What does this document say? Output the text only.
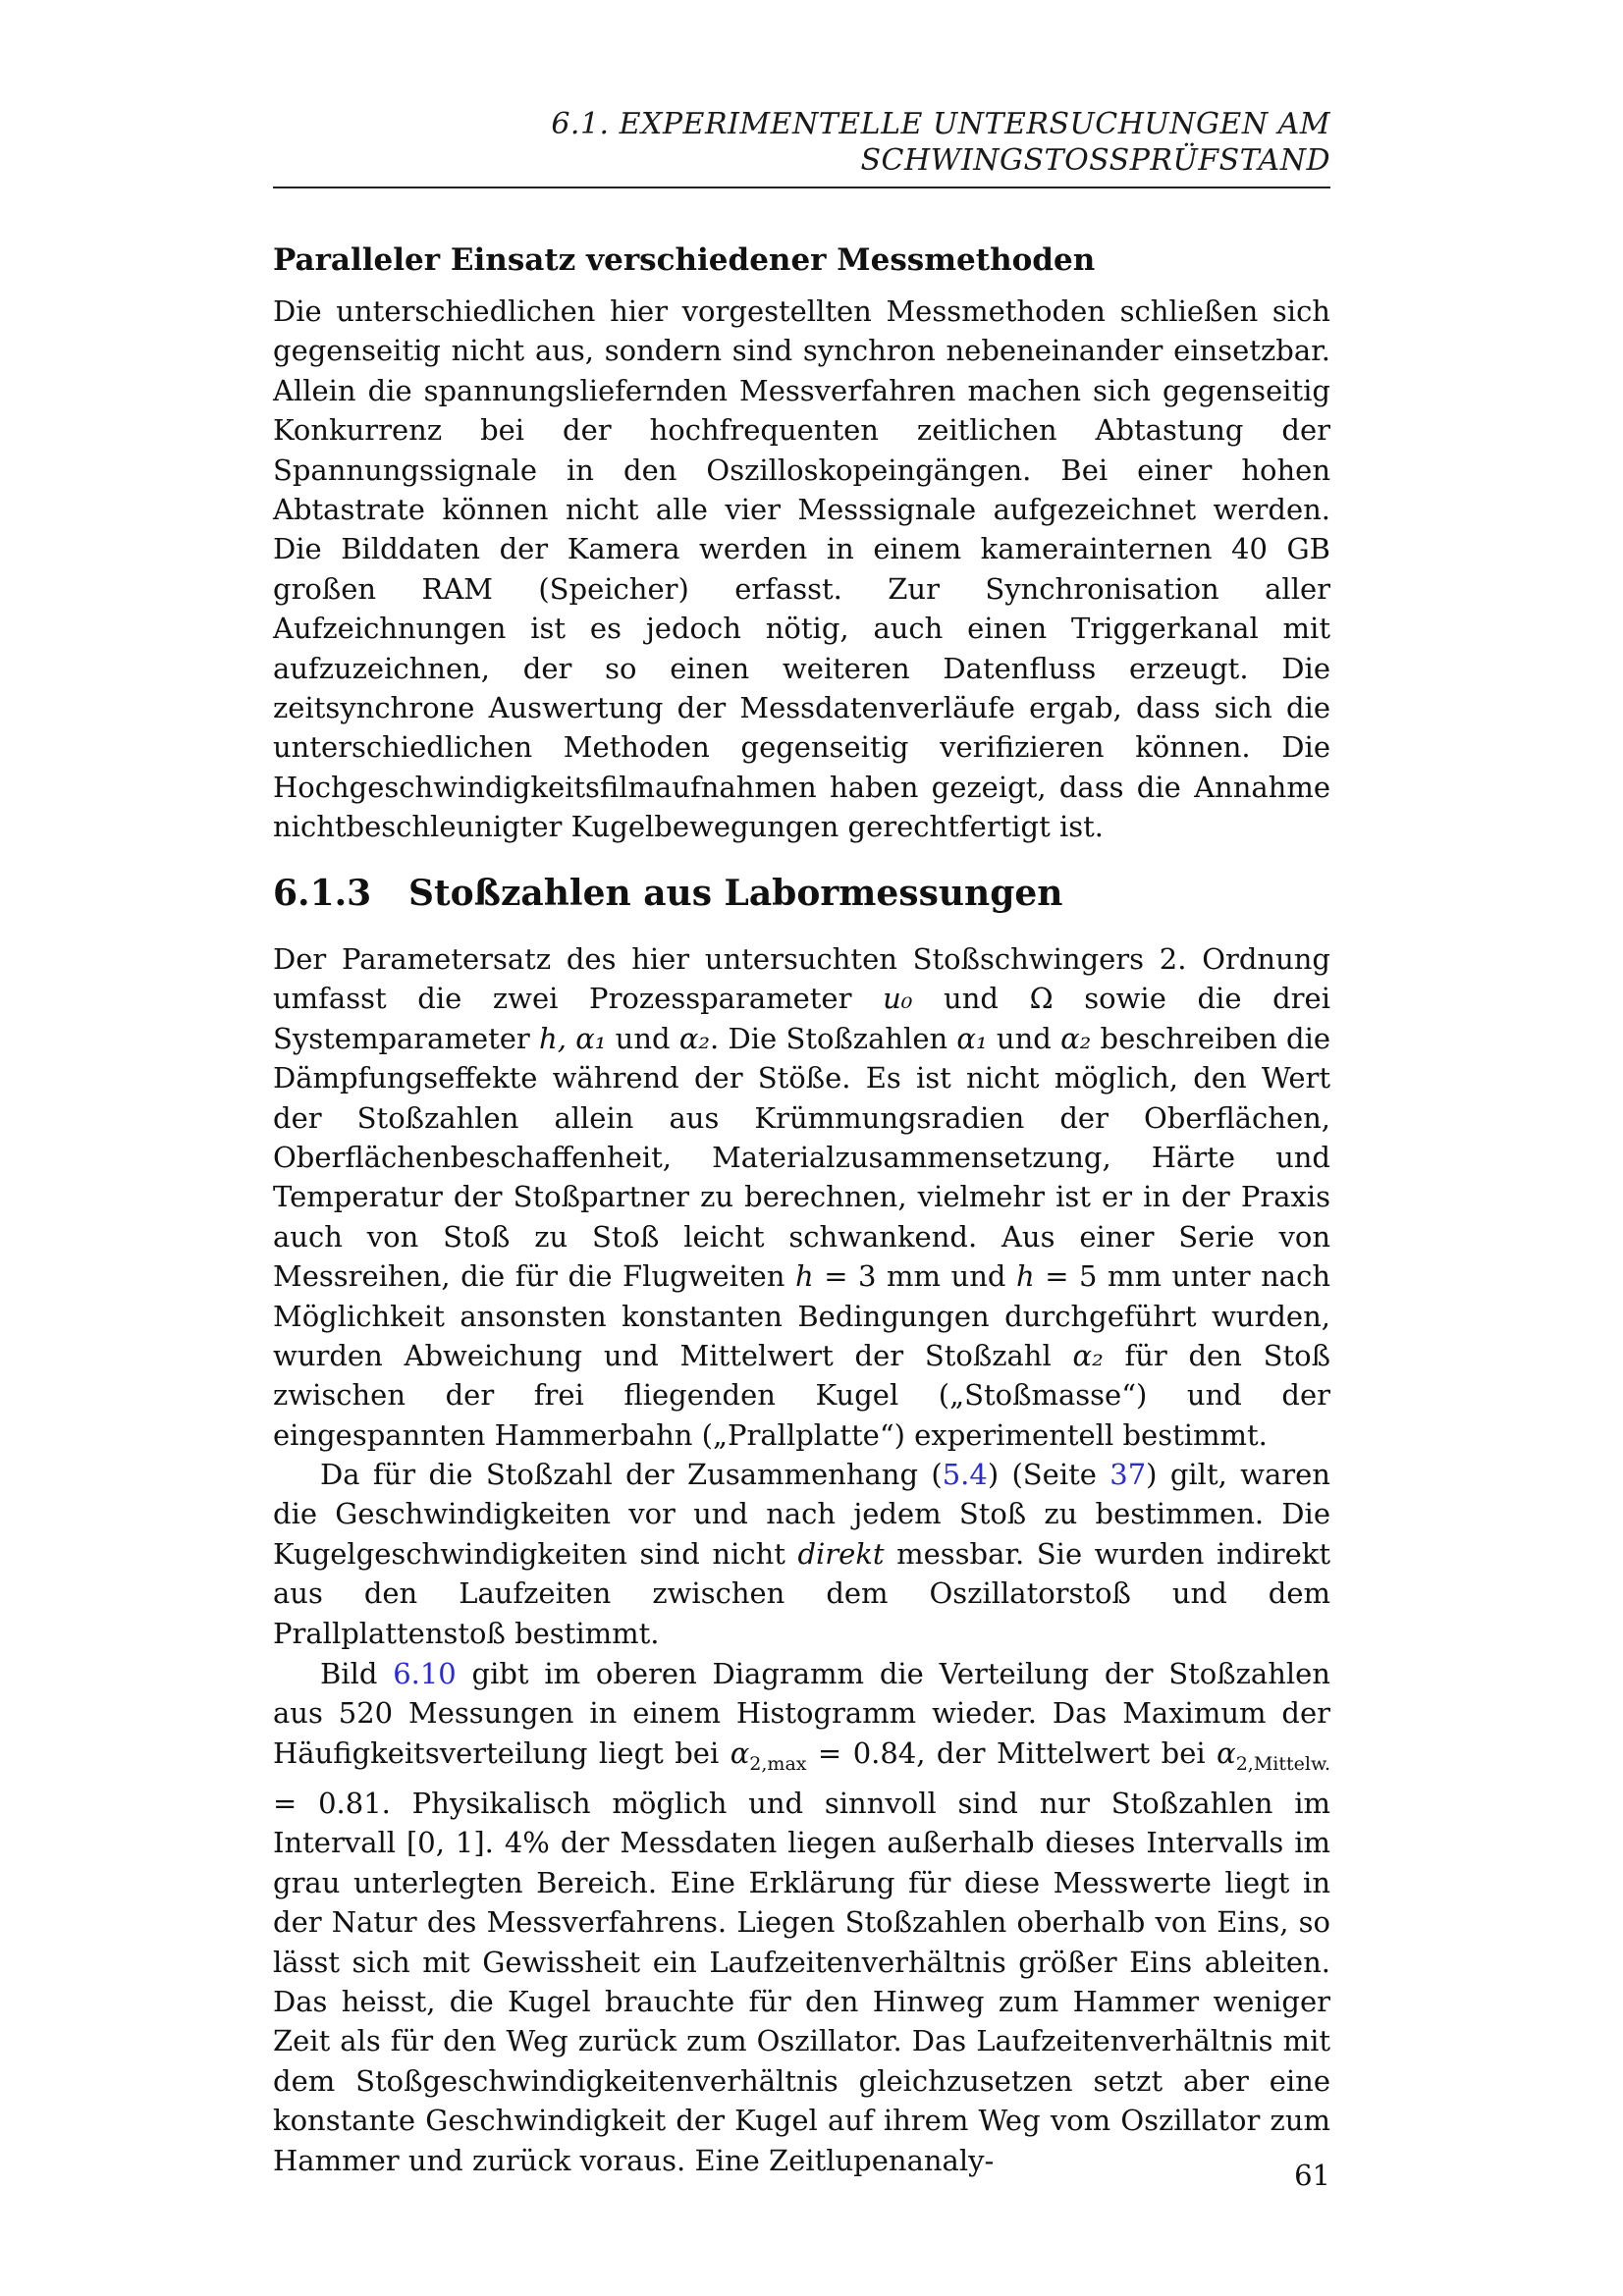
6.1. EXPERIMENTELLE UNTERSUCHUNGEN AM
SCHWINGSTOSSPRÜFSTAND
Paralleler Einsatz verschiedener Messmethoden

Die unterschiedlichen hier vorgestellten Messmethoden schließen sich gegenseitig nicht aus, sondern sind synchron nebeneinander einsetzbar. Allein die spannungsliefernden Messverfahren machen sich gegenseitig Konkurrenz bei der hochfrequenten zeitlichen Abtastung der Spannungssignale in den Oszilloskopeingängen. Bei einer hohen Abtastrate können nicht alle vier Messsignale aufgezeichnet werden. Die Bilddaten der Kamera werden in einem kamerainternen 40 GB großen RAM (Speicher) erfasst. Zur Synchronisation aller Aufzeichnungen ist es jedoch nötig, auch einen Triggerkanal mit aufzuzeichnen, der so einen weiteren Datenfluss erzeugt. Die zeitsynchrone Auswertung der Messdatenverläufe ergab, dass sich die unterschiedlichen Methoden gegenseitig verifizieren können. Die Hochgeschwindigkeitsfilmaufnahmen haben gezeigt, dass die Annahme nichtbeschleunigter Kugelbewegungen gerechtfertigt ist.

6.1.3 Stoßzahlen aus Labormessungen

Der Parametersatz des hier untersuchten Stoßschwingers 2. Ordnung umfasst die zwei Prozessparameter u₀ und Ω sowie die drei Systemparameter h, α₁ und α₂. Die Stoßzahlen α₁ und α₂ beschreiben die Dämpfungseffekte während der Stöße. Es ist nicht möglich, den Wert der Stoßzahlen allein aus Krümmungsradien der Oberflächen, Oberflächenbeschaffenheit, Materialzusammensetzung, Härte und Temperatur der Stoßpartner zu berechnen, vielmehr ist er in der Praxis auch von Stoß zu Stoß leicht schwankend. Aus einer Serie von Messreihen, die für die Flugweiten h = 3 mm und h = 5 mm unter nach Möglichkeit ansonsten konstanten Bedingungen durchgeführt wurden, wurden Abweichung und Mittelwert der Stoßzahl α₂ für den Stoß zwischen der frei fliegenden Kugel („Stoßmasse“) und der eingespannten Hammerbahn („Prallplatte“) experimentell bestimmt.

Da für die Stoßzahl der Zusammenhang (5.4) (Seite 37) gilt, waren die Geschwindigkeiten vor und nach jedem Stoß zu bestimmen. Die Kugelgeschwindigkeiten sind nicht direkt messbar. Sie wurden indirekt aus den Laufzeiten zwischen dem Oszillatorstoß und dem Prallplattenstoß bestimmt.

Bild 6.10 gibt im oberen Diagramm die Verteilung der Stoßzahlen aus 520 Messungen in einem Histogramm wieder. Das Maximum der Häufigkeitsverteilung liegt bei $\alpha_{2,max} = 0.84$, der Mittelwert bei $\alpha_{2,Mittelw.} = 0.81$. Physikalisch möglich und sinnvoll sind nur Stoßzahlen im Intervall [0, 1]. 4% der Messdaten liegen außerhalb dieses Intervalls im grau unterlegten Bereich. Eine Erklärung für diese Messwerte liegt in der Natur des Messverfahrens. Liegen Stoßzahlen oberhalb von Eins, so lässt sich mit Gewissheit ein Laufzeitenverhältnis größer Eins ableiten. Das heisst, die Kugel brauchte für den Hinweg zum Hammer weniger Zeit als für den Weg zurück zum Oszillator. Das Laufzeitenverhältnis mit dem Stoßgeschwindigkeitenverhältnis gleichzusetzen setzt aber eine konstante Geschwindigkeit der Kugel auf ihrem Weg vom Oszillator zum Hammer und zurück voraus. Eine Zeitlupenanaly-	61
